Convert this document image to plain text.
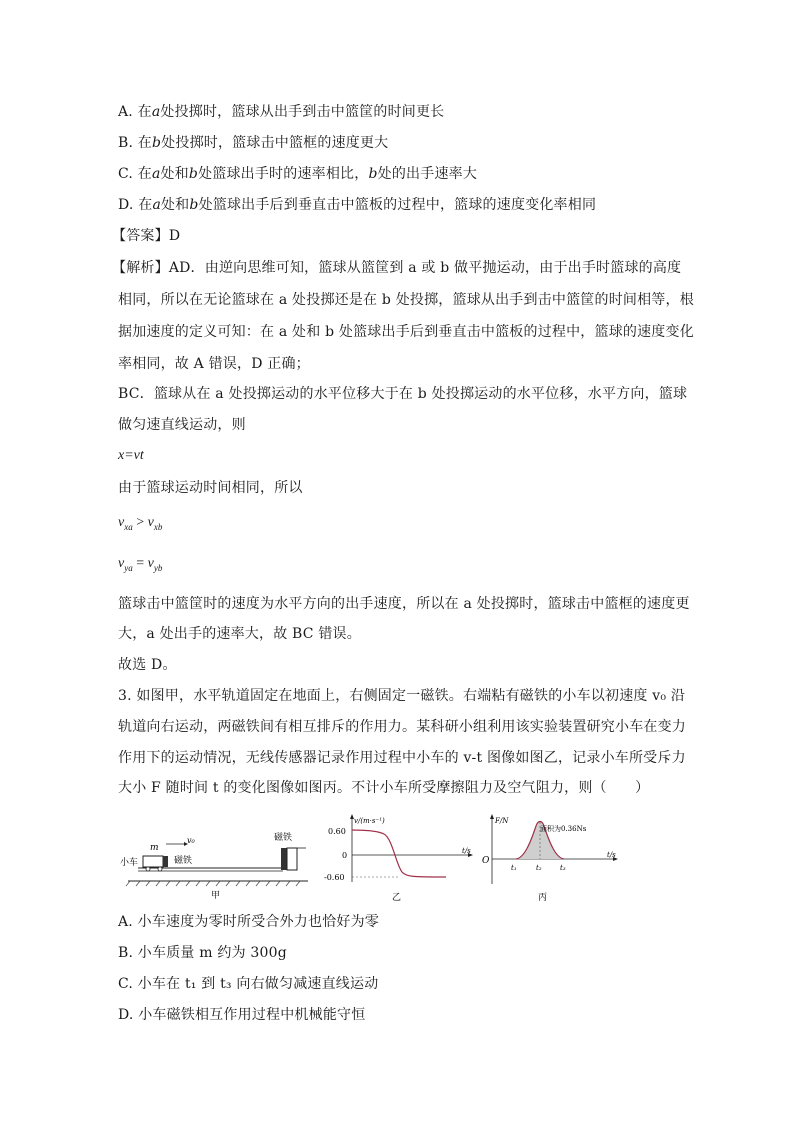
A. 在a处投掷时，篮球从出手到击中篮筐的时间更长
B. 在b处投掷时，篮球击中篮框的速度更大
C. 在a处和b处篮球出手时的速率相比，b处的出手速率大
D. 在a处和b处篮球出手后到垂直击中篮板的过程中，篮球的速度变化率相同
【答案】D
【解析】AD．由逆向思维可知，篮球从篮筐到 a 或 b 做平抛运动，由于出手时篮球的高度
相同，所以在无论篮球在 a 处投掷还是在 b 处投掷，篮球从出手到击中篮筐的时间相等，根
据加速度的定义可知：在 a 处和 b 处篮球出手后到垂直击中篮板的过程中，篮球的速度变化
率相同，故 A 错误，D 正确；
BC．篮球从在 a 处投掷运动的水平位移大于在 b 处投掷运动的水平位移，水平方向，篮球
做匀速直线运动，则
x=vt
由于篮球运动时间相同，所以
$v_{xa} > v_{xb}$
$v_{ya} = v_{yb}$
篮球击中篮筐时的速度为水平方向的出手速度，所以在 a 处投掷时，篮球击中篮框的速度更
大，a 处出手的速率大，故 BC 错误。
故选 D。
3. 如图甲，水平轨道固定在地面上，右侧固定一磁铁。右端粘有磁铁的小车以初速度 v₀ 沿
轨道向右运动，两磁铁间有相互排斥的作用力。某科研小组利用该实验装置研究小车在变力
作用下的运动情况，无线传感器记录作用过程中小车的 v-t 图像如图乙，记录小车所受斥力
大小 F 随时间 t 的变化图像如图丙。不计小车所受摩擦阻力及空气阻力，则（　　）
小车
m
v₀
磁铁
磁铁
甲
v/(m·s⁻¹)
t/s
0.60
0
-0.60
乙
F/N
t/s
O
面积为0.36Ns
t₁	t₂	t₃
丙
A. 小车速度为零时所受合外力也恰好为零
B. 小车质量 m 约为 300g
C. 小车在 t₁ 到 t₃ 向右做匀减速直线运动
D. 小车磁铁相互作用过程中机械能守恒
